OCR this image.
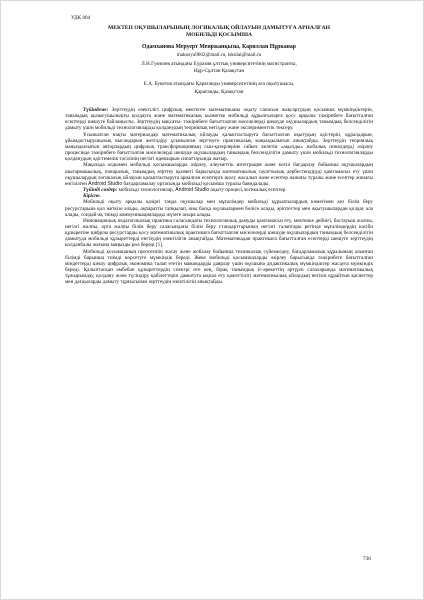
УДК 004
МЕКТЕП ОҚУШЫЛАРЫНЫҢ ЛОГИКАЛЫҚ ОЙЛАУЫН ДАМЫТУҒА АРНАЛҒАН
МОБИЛЬДІ ҚОСЫМША
Одамханова Меруерт Менржанқызы, Кариллан Нұрканар
makosya9602@mail.ru, iskulai@mail.ru
Л.Н.Гумилев атындағы Еуразия ұлттық университетінің магистранты,
Нұр-Сұлтан Қазақстан
Е.А. Букетов атындағы Қарағанды университетінің аға оқытушысы,
Қарағанды, Қазақстан

Түйіндеме: Зерттеудің өзектілігі цифрлық мектепте математиканы оқыту сапасын жақсартудың қосымша мүмкіндіктерін, танымдық қызығушылықты қолдауға және математикалық кызметке мобильді құрылғыларға қосу арқылы тәжірибеге бағытталған есептерді шешуге байланысты. Зерттеудің мақсаты- тәжірибеге бағытталған мәселелерді шешуде оқушылардың танымдық белсенділігін дамыту үшін мобильді технологияларды қолданудың теориялық негіздеу және эксперименттік тексеру.

Ұсынылған нақты материалдар математикалық ойлауды қалыптастыруға бағытталған оқытудың әдістерін, құралдарын, ұйымдастырушылық нысандарын жетілдіру ұсынылған зерттеуге практикалық маңыздылығын анықтайды. Зерттеудің теориялық маңыздылығын авторлардың цифрлық трансформацияның сын-қатерлеріне сәйкес келетін «ақылды» жобалық пиналдерді әзірлеу процесінде тәжірибеге бағытталған мәселелерді шешуде оқушылардың танымдық белсенділігін дамыту үшін мобильді технологияларды қолданудың әдістемелік тәсілінің негізгі идеяларын сипаттауында жатыр.

Мақалада алдымен мобильді қосымшаларды әзірлеу, әлеуметтік интеграция және көсіп бағдарлау бойынша оқушылардың шығармашылық, пәнаралық, танымдық зерттеу қызметі барысында математикалық сауаттылық дербестендіруді қамтамасыз ету үшін оқушылардың логикалық ойлауын қалыптастыруға арналған есептерге шолу жасалып және есептер жинағы туралы және есептер жинағы енгізілген Android Studio бағдарламалау ортасында мобильді қосымша туралы баяндалады.

Түйінді сөздер: мобильді технологиялар, Android Studio оқыту процесі,логикалық есептер.

Кіріспе.

Мобильді оқыту арқылы қазіргі таңда оқушылар мен мұғалімдер мобильді құрылғылардың көмегімен кез білім беру ресурстарына қол жеткізе алады, ақпаратты тапқылап, оны басқа оқушылармен бөлісе алады, әріптестер мен оқытушылардан қолдау ала алады, сондай-ақ тиімді коммуникацияларды жүзеге асыра алады.

Инновациялық педагогикалық практика саласындағы технологиялық дамуды қамтамасыз ету, мектепке дейінгі, бастауыш жалпы, негізгі жалпы, орта жалпы білім беру саласындағы білім беру стандарттарының негізгі талаптары ретінде мұғалімдердің кәсіби құзыретіне цифрлы ресурстарды қосу математикалық практикаға бағытталған мәселелерді шешуде оқушылардың танымдық белсенділігін дамытуда мобильді құзыреттерді енгізудің өзектілігін анықтайды. Математикадан практикаға бағытталған есептерді шешуге зерттеудің қолданбалы жағына маңызды рөл береді [1].

Мобильді қосымшаның прототипін жасау және жобалау бойынша техникалық сүйемелдеу, бағдарламалық құралының алынған білімді барынша тиімді көрсетуге мүмкіндік береді. Жеке мобильді қосымшаларды әзірлеу барысында тәжірибеге бағытталған міндеттерді шешу цифрлық экономика талап ететін мамандарды даярлау үшін оқушына дидактикалық мүмкіндіктер жасауға мүмкіндік береді. Қалыптасқан әмбебап құзыреттердің спектрі өте кең, бірақ танымдық іс-әрекеттің әртүрлі салаларында математикалық тұжырымдау, қолдану және түсіндіру қабілеттерін дамытуға ықпал ету қажеттілігі математикалық ойлаудың негізін құрайтын қасиеттер мен дағдыларды дамыту тұрғысынан зерттеудің өзектілігін анықтайды.

736
